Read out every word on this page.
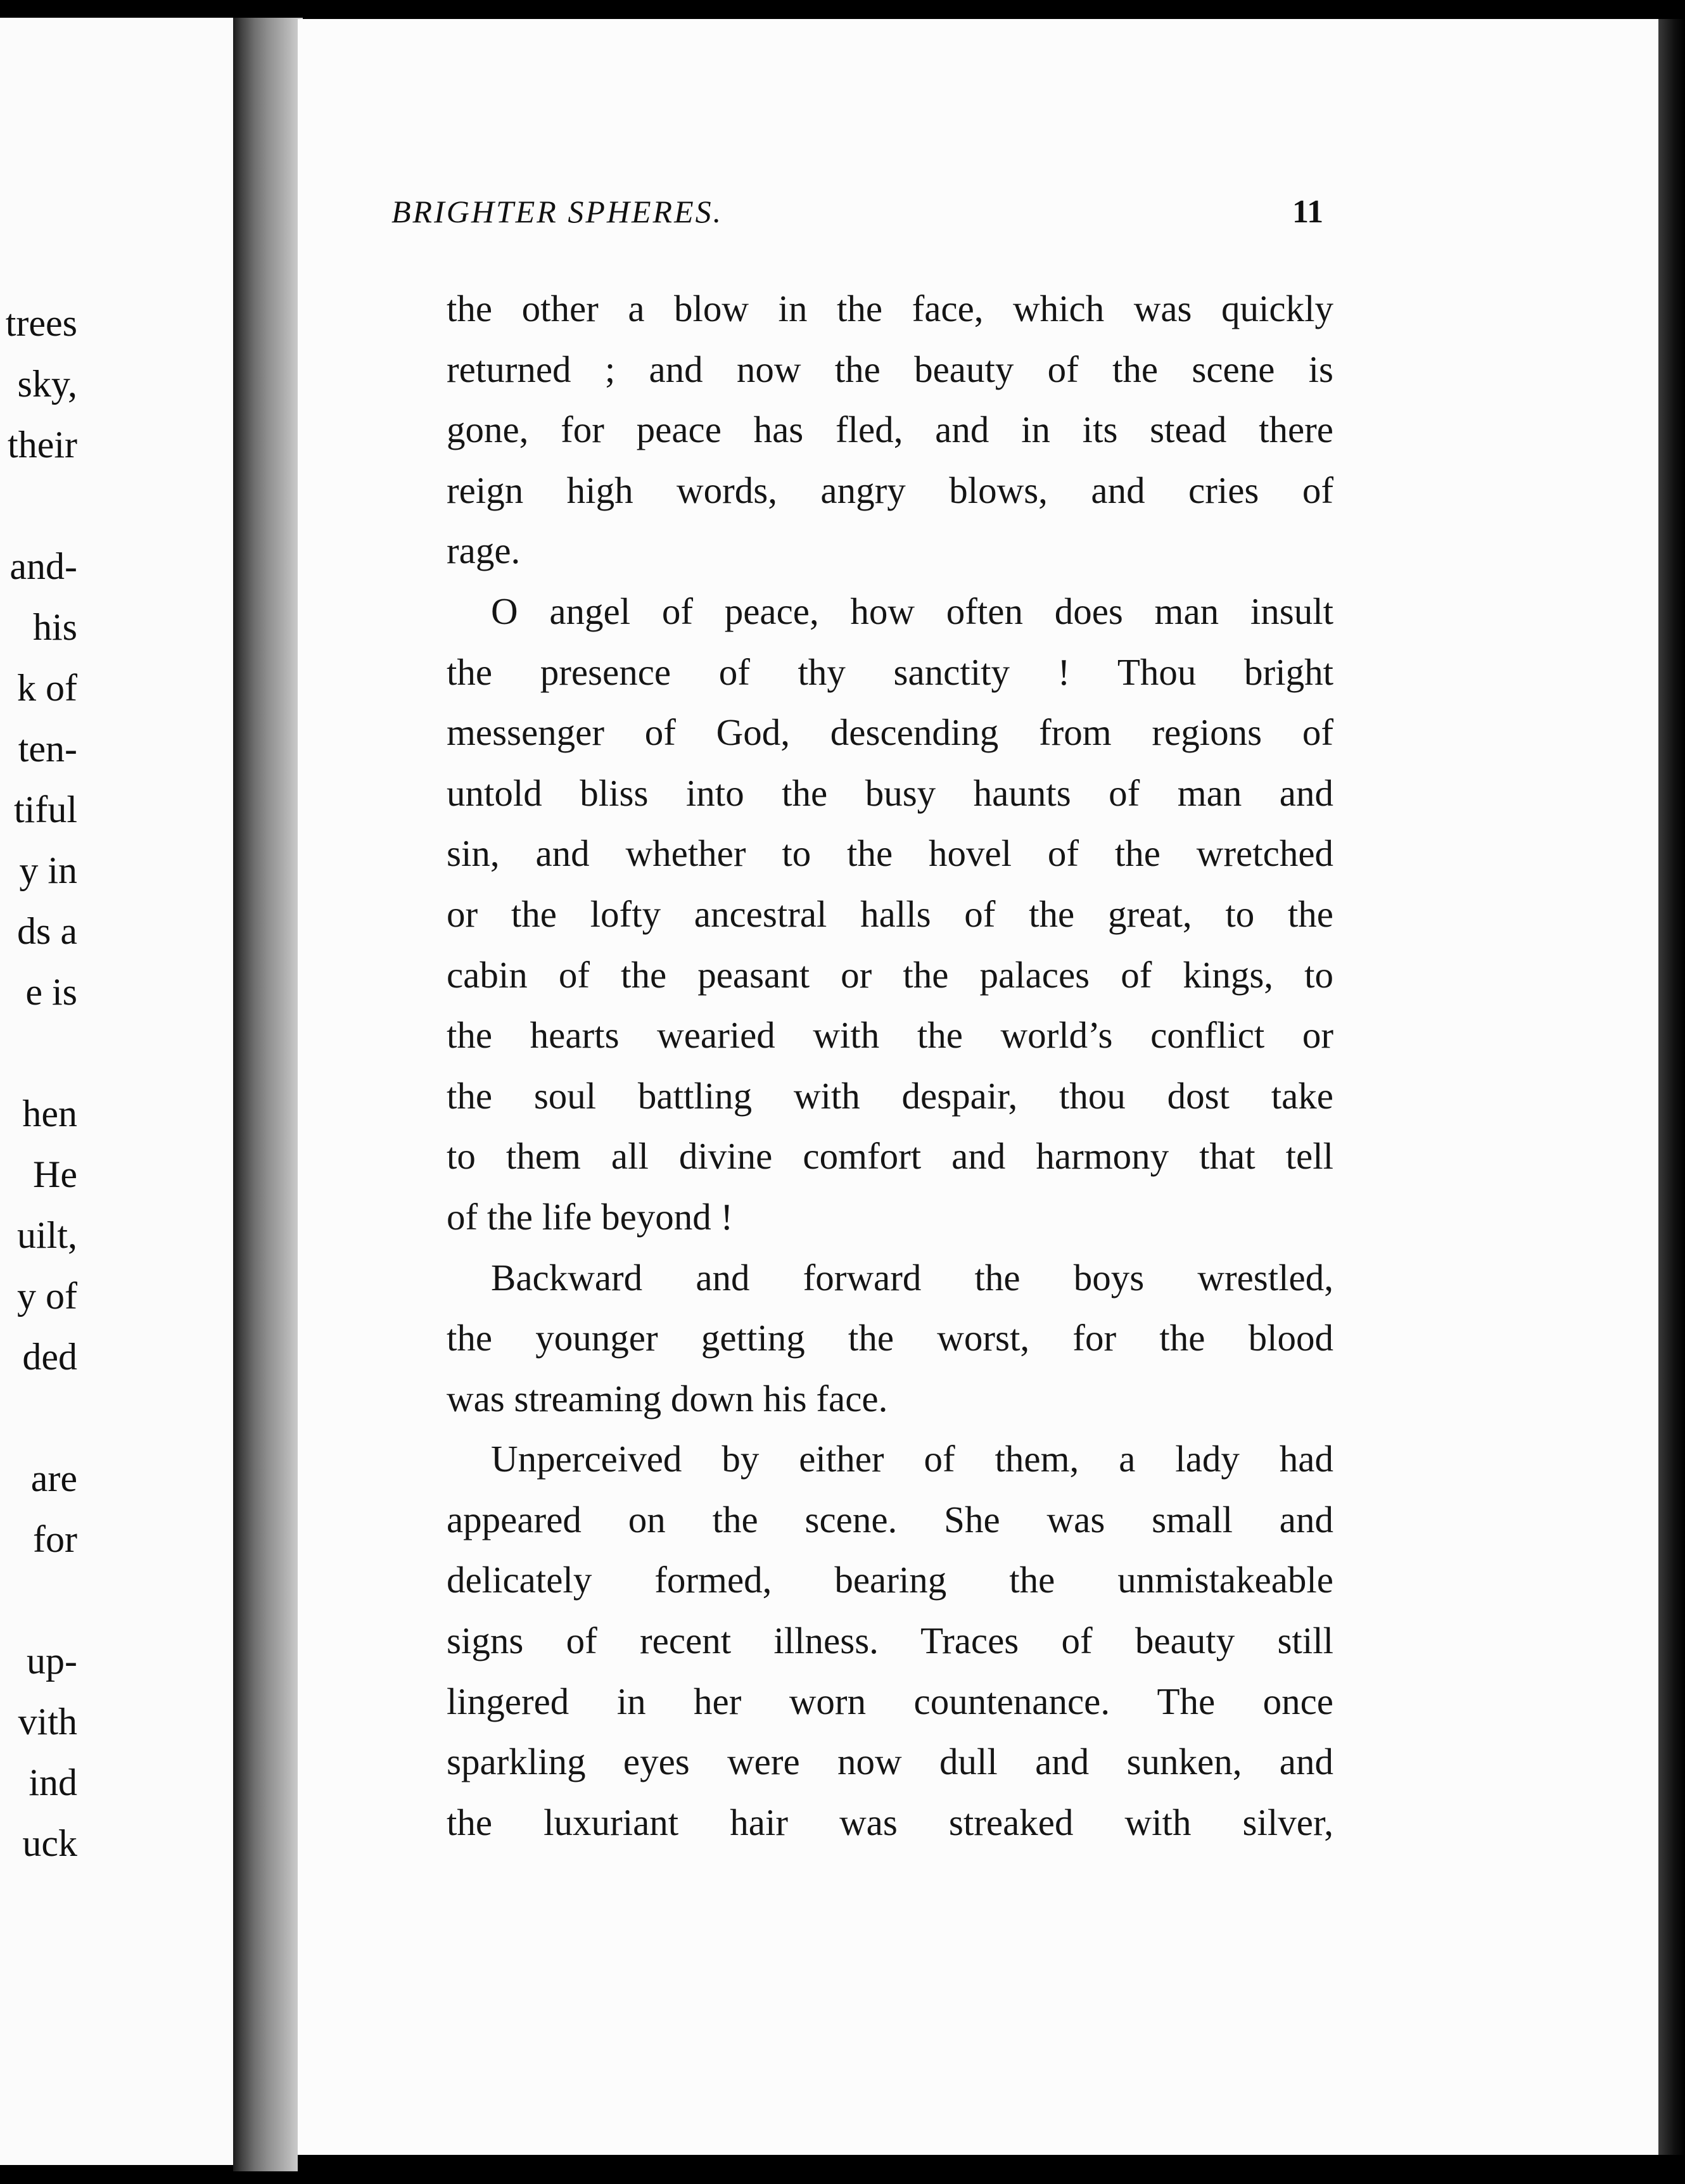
trees
sky,
their
and-
his
k of
ten-
tiful
y in
ds a
e is
hen
He
uilt,
y of
ded
are
for
up-
vith
ind
uck
BRIGHTER SPHERES.	11
the other a blow in the face, which was quickly
returned ; and now the beauty of the scene is
gone, for peace has fled, and in its stead there
reign high words, angry blows, and cries of
rage.
O angel of peace, how often does man insult
the presence of thy sanctity ! Thou bright
messenger of God, descending from regions of
untold bliss into the busy haunts of man and
sin, and whether to the hovel of the wretched
or the lofty ancestral halls of the great, to the
cabin of the peasant or the palaces of kings, to
the hearts wearied with the world’s conflict or
the soul battling with despair, thou dost take
to them all divine comfort and harmony that tell
of the life beyond !
Backward and forward the boys wrestled,
the younger getting the worst, for the blood
was streaming down his face.
Unperceived by either of them, a lady had
appeared on the scene. She was small and
delicately formed, bearing the unmistakeable
signs of recent illness. Traces of beauty still
lingered in her worn countenance. The once
sparkling eyes were now dull and sunken, and
the luxuriant hair was streaked with silver,
